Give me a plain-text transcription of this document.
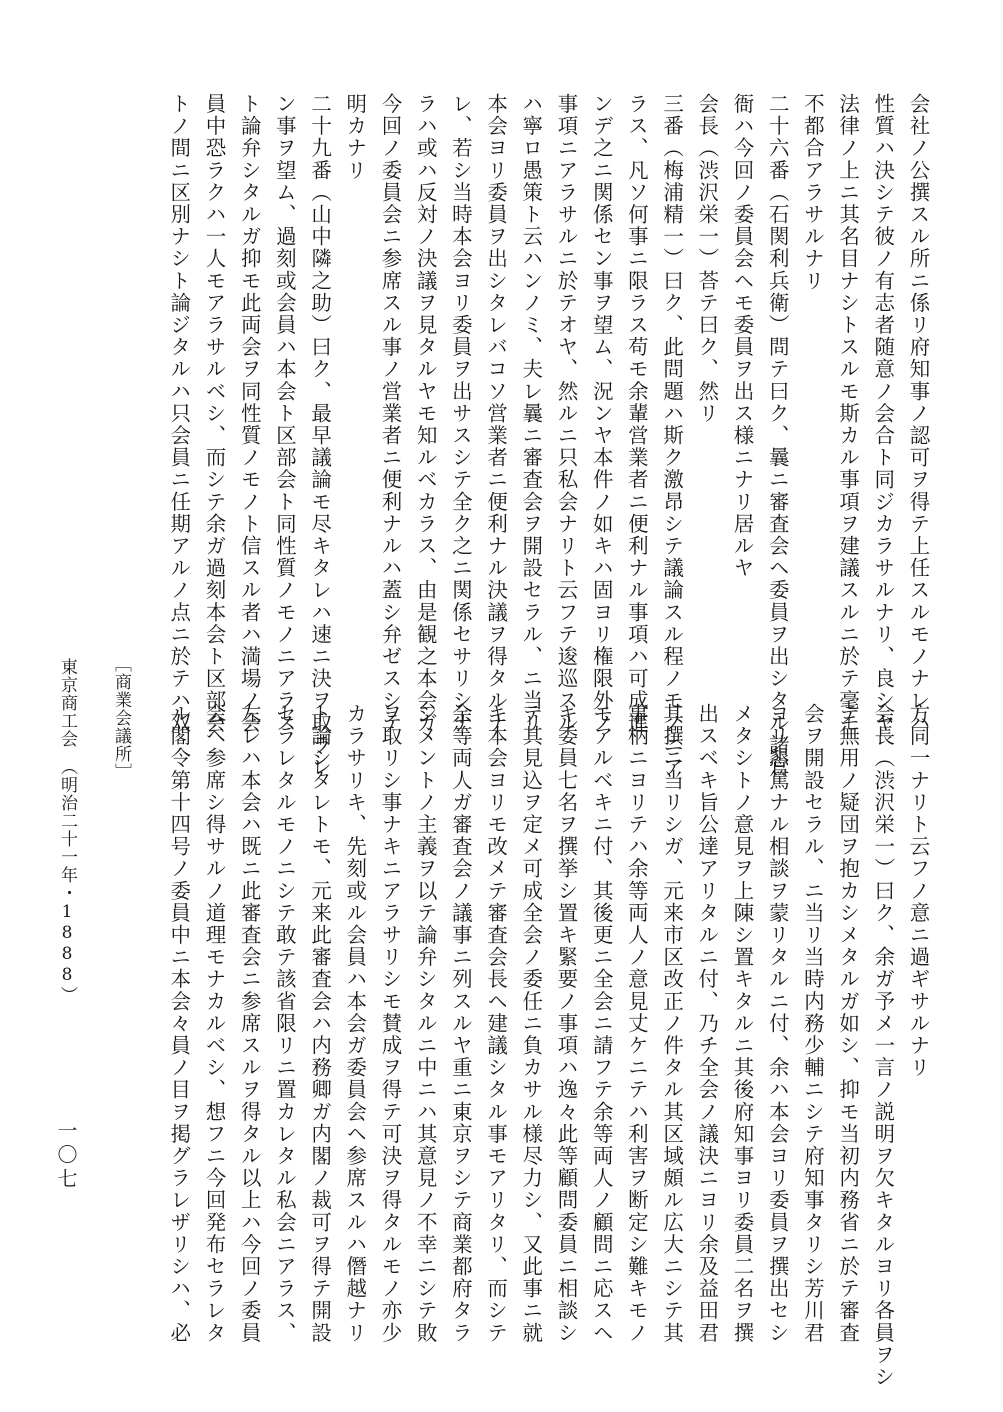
会社ノ公撰スル所ニ係リ府知事ノ認可ヲ得テ上任スルモノナレハ
性質ハ決シテ彼ノ有志者随意ノ会合ト同ジカラサルナリ、良シヤ
法律ノ上ニ其名目ナシトスルモ斯カル事項ヲ建議スルニ於テ毫モ
不都合アラサルナリ
二十六番（石関利兵衛）問テ曰ク、曩ニ審査会ヘ委員ヲ出シタル諸官
衙ハ今回ノ委員会ヘモ委員ヲ出ス様ニナリ居ルヤ
会長（渋沢栄一）荅テ曰ク、然リ
三番（梅浦精一）曰ク、此問題ハ斯ク激昂シテ議論スル程ノモノニア
ラス、凡ソ何事ニ限ラス苟モ余輩営業者ニ便利ナル事項ハ可成進
ンデ之ニ関係セン事ヲ望ム、況ンヤ本件ノ如キハ固ヨリ権限外ノ
事項ニアラサルニ於テオヤ、然ルニ只私会ナリト云フテ逡巡スル
ハ寧ロ愚策ト云ハンノミ、夫レ曩ニ審査会ヲ開設セラル、ニ当リ
本会ヨリ委員ヲ出シタレバコソ営業者ニ便利ナル決議ヲ得タルナ
レ、若シ当時本会ヨリ委員ヲ出サスシテ全ク之ニ関係セサリシナ
ラハ或ハ反対ノ決議ヲ見タルヤモ知ルベカラス、由是観之本会ガ
今回ノ委員会ニ参席スル事ノ営業者ニ便利ナルハ蓋シ弁ゼスシテ
明カナリ
二十九番（山中隣之助）曰ク、最早議論モ尽キタレハ速ニ決ヲ取ラレ
ン事ヲ望ム、過刻或会員ハ本会ト区部会ト同性質ノモノニアラス
ト論弁シタルガ抑モ此両会ヲ同性質ノモノト信スル者ハ満場ノ会
員中恐ラクハ一人モアラサルベシ、而シテ余ガ過刻本会ト区部会
トノ間ニ区別ナシト論ジタルハ只会員ニ任期アルノ点ニ於テハ双
方同一ナリト云フノ意ニ過ギサルナリ
会長（渋沢栄一）曰ク、余ガ予メ一言ノ説明ヲ欠キタルヨリ各員ヲシ
テ無用ノ疑団ヲ抱カシメタルガ如シ、抑モ当初内務省ニ於テ審査
会ヲ開設セラル、ニ当リ当時内務少輔ニシテ府知事タリシ芳川君
ヨリ懇篤ナル相談ヲ蒙リタルニ付、余ハ本会ヨリ委員ヲ撰出セシ
メタシトノ意見ヲ上陳シ置キタルニ其後府知事ヨリ委員二名ヲ撰
出スベキ旨公達アリタルニ付、乃チ全会ノ議決ニヨリ余及益田君
其撰ニ当リシガ、元来市区改正ノ件タル其区域頗ル広大ニシテ其
事柄ニヨリテハ余等両人ノ意見丈ケニテハ利害ヲ断定シ難キモノ
モアルベキニ付、其後更ニ全会ニ請フテ余等両人ノ顧問ニ応スヘ
キ委員七名ヲ撰挙シ置キ緊要ノ事項ハ逸々此等顧問委員ニ相談シ
テ其見込ヲ定メ可成全会ノ委任ニ負カサル様尽力シ、又此事ニ就
キ本会ヨリモ改メテ審査会長ヘ建議シタル事モアリタリ、而シテ
余等両人ガ審査会ノ議事ニ列スルヤ重ニ東京ヲシテ商業都府タラ
シメントノ主義ヲ以テ論弁シタルニ中ニハ其意見ノ不幸ニシテ敗
ヲ取リシ事ナキニアラサリシモ賛成ヲ得テ可決ヲ得タルモノ亦少
カラサリキ、先刻或ル会員ハ本会ガ委員会ヘ参席スルハ僭越ナリ
ト論シタレトモ、元来此審査会ハ内務卿ガ内閣ノ裁可ヲ得テ開設
セラレタルモノニシテ敢テ該省限リニ置カレタル私会ニアラス、
左レハ本会ハ既ニ此審査会ニ参席スルヲ得タル以上ハ今回ノ委員
会ヘ参席シ得サルノ道理モナカルベシ、想フニ今回発布セラレタ
ル閣令第十四号ノ委員中ニ本会々員ノ目ヲ掲グラレザリシハ、必
［商業会議所］
東京商工会
（明治二十一年・1888）
一〇七
